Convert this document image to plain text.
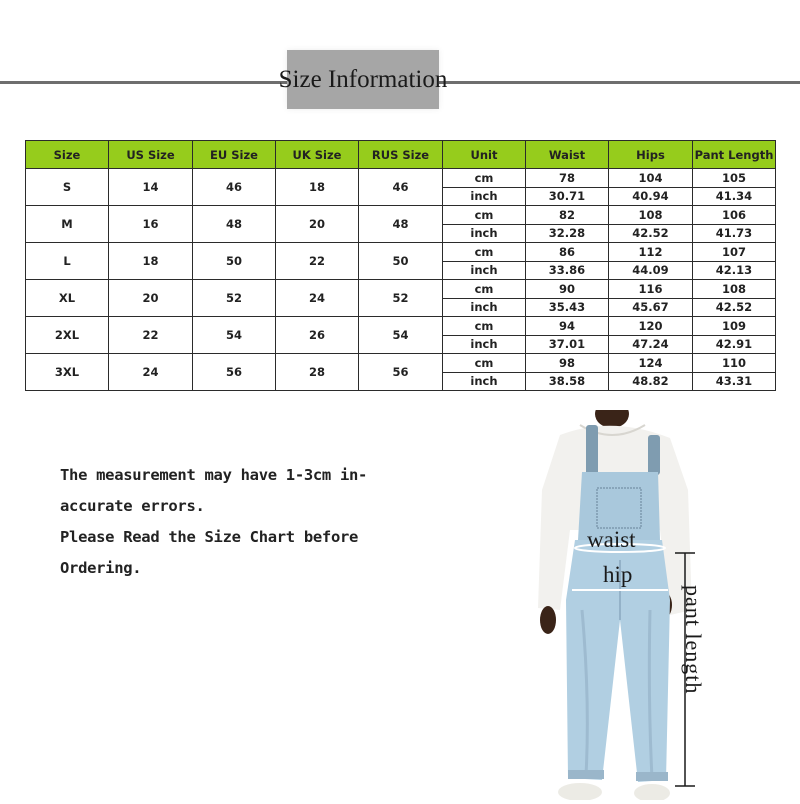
Size Information
Size	US Size	EU Size	UK Size	RUS Size	Unit	Waist	Hips	Pant Length
S	14	46	18	46	cm	78	104	105
					inch	30.71	40.94	41.34
M	16	48	20	48	cm	82	108	106
					inch	32.28	42.52	41.73
L	18	50	22	50	cm	86	112	107
					inch	33.86	44.09	42.13
XL	20	52	24	52	cm	90	116	108
					inch	35.43	45.67	42.52
2XL	22	54	26	54	cm	94	120	109
					inch	37.01	47.24	42.91
3XL	24	56	28	56	cm	98	124	110
					inch	38.58	48.82	43.31
The measurement may have 1-3cm in-
accurate errors.
Please Read the Size Chart before
Ordering.
waist
hip
pant length
